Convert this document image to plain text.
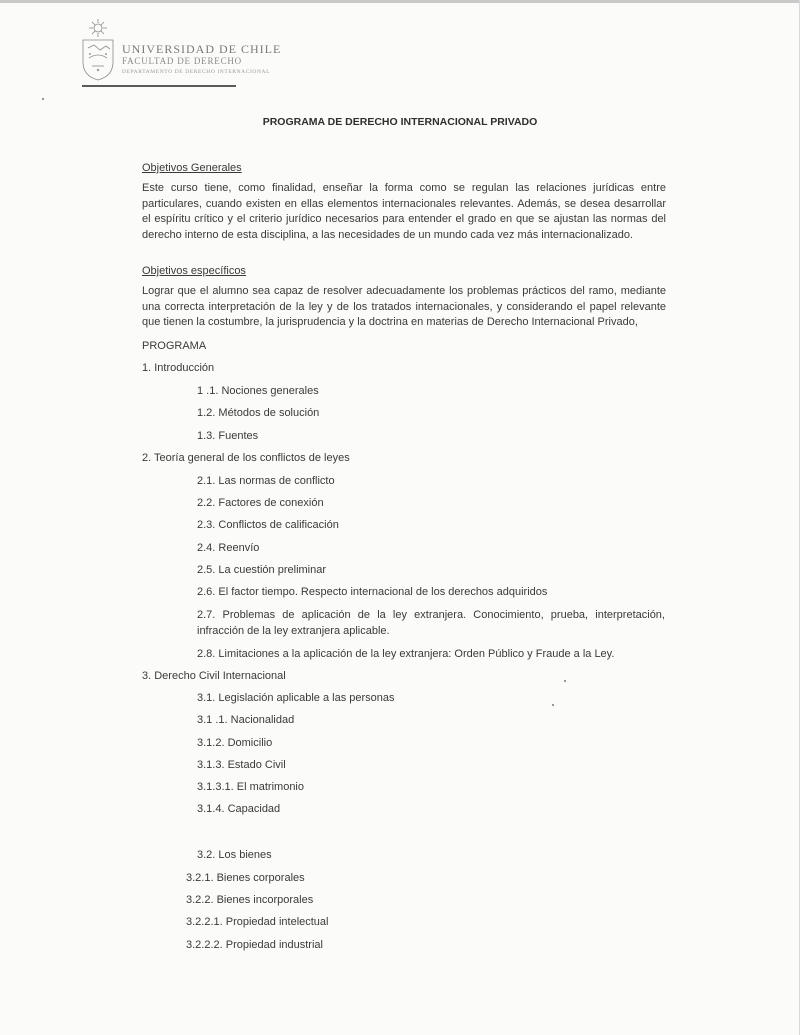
UNIVERSIDAD DE CHILE
FACULTAD DE DERECHO
DEPARTAMENTO DE DERECHO INTERNACIONAL
PROGRAMA DE DERECHO INTERNACIONAL PRIVADO
Objetivos Generales
Este curso tiene, como finalidad, enseñar la forma como se regulan las relaciones jurídicas entre particulares, cuando existen en ellas elementos internacionales relevantes. Además, se desea desarrollar el espíritu crítico y el criterio jurídico necesarios para entender el grado en que se ajustan las normas del derecho interno de esta disciplina, a las necesidades de un mundo cada vez más internacionalizado.
Objetivos específicos
Lograr que el alumno sea capaz de resolver adecuadamente los problemas prácticos del ramo, mediante una correcta interpretación de la ley y de los tratados internacionales, y considerando el papel relevante que tienen la costumbre, la jurisprudencia y la doctrina en materias de Derecho Internacional Privado,
PROGRAMA
1. Introducción
1 .1. Nociones generales
1.2. Métodos de solución
1.3. Fuentes
2. Teoría general de los conflictos de leyes
2.1. Las normas de conflicto
2.2. Factores de conexión
2.3. Conflictos de calificación
2.4. Reenvío
2.5. La cuestión preliminar
2.6. El factor tiempo. Respecto internacional de los derechos adquiridos
2.7. Problemas de aplicación de la ley extranjera. Conocimiento, prueba, interpretación, infracción de la ley extranjera aplicable.
2.8. Limitaciones a la aplicación de la ley extranjera: Orden Público y Fraude a la Ley.
3. Derecho Civil Internacional
3.1. Legislación aplicable a las personas
3.1 .1. Nacionalidad
3.1.2. Domicilio
3.1.3. Estado Civil
3.1.3.1. El matrimonio
3.1.4. Capacidad
3.2. Los bienes
3.2.1. Bienes corporales
3.2.2. Bienes incorporales
3.2.2.1. Propiedad intelectual
3.2.2.2. Propiedad industrial
